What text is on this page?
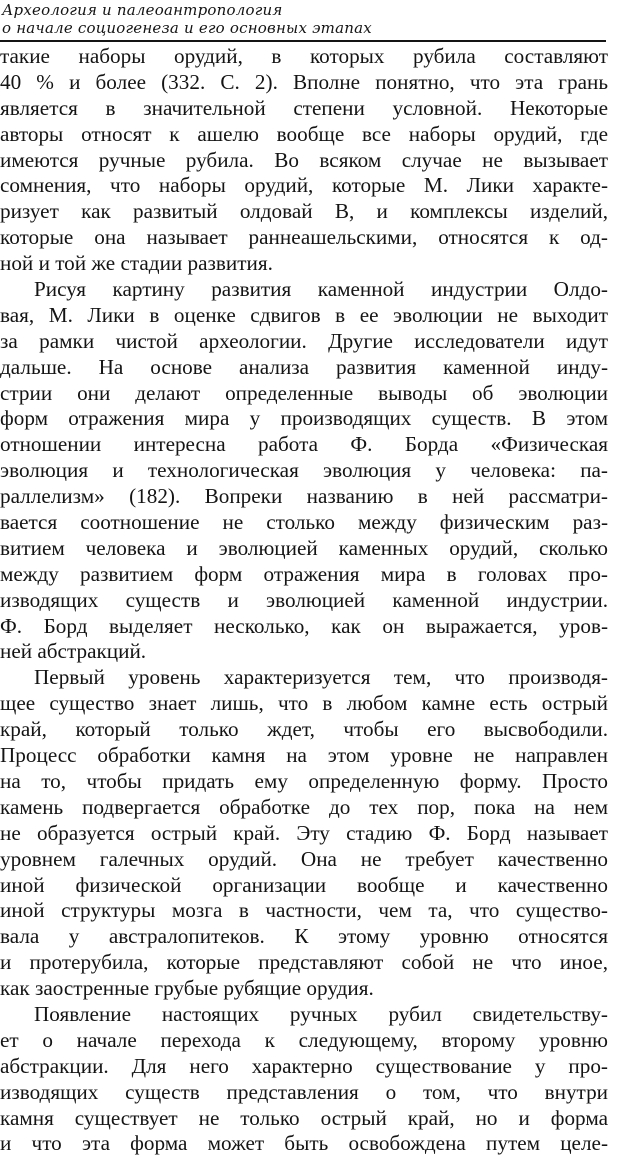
Археология и палеоантропология
о начале социогенеза и его основных этапах
такие наборы орудий, в которых рубила составляют
40 % и более (332. С. 2). Вполне понятно, что эта грань
является в значительной степени условной. Некоторые
авторы относят к ашелю вообще все наборы орудий, где
имеются ручные рубила. Во всяком случае не вызывает
сомнения, что наборы орудий, которые М. Лики характе-
ризует как развитый олдовай В, и комплексы изделий,
которые она называет раннеашельскими, относятся к од-
ной и той же стадии развития.
Рисуя картину развития каменной индустрии Олдо-
вая, М. Лики в оценке сдвигов в ее эволюции не выходит
за рамки чистой археологии. Другие исследователи идут
дальше. На основе анализа развития каменной инду-
стрии они делают определенные выводы об эволюции
форм отражения мира у производящих существ. В этом
отношении интересна работа Ф. Борда «Физическая
эволюция и технологическая эволюция у человека: па-
раллелизм» (182). Вопреки названию в ней рассматри-
вается соотношение не столько между физическим раз-
витием человека и эволюцией каменных орудий, сколько
между развитием форм отражения мира в головах про-
изводящих существ и эволюцией каменной индустрии.
Ф. Борд выделяет несколько, как он выражается, уров-
ней абстракций.
Первый уровень характеризуется тем, что производя-
щее существо знает лишь, что в любом камне есть острый
край, который только ждет, чтобы его высвободили.
Процесс обработки камня на этом уровне не направлен
на то, чтобы придать ему определенную форму. Просто
камень подвергается обработке до тех пор, пока на нем
не образуется острый край. Эту стадию Ф. Борд называет
уровнем галечных орудий. Она не требует качественно
иной физической организации вообще и качественно
иной структуры мозга в частности, чем та, что существо-
вала у австралопитеков. К этому уровню относятся
и протерубила, которые представляют собой не что иное,
как заостренные грубые рубящие орудия.
Появление настоящих ручных рубил свидетельству-
ет о начале перехода к следующему, второму уровню
абстракции. Для него характерно существование у про-
изводящих существ представления о том, что внутри
камня существует не только острый край, но и форма
и что эта форма может быть освобождена путем целе-
